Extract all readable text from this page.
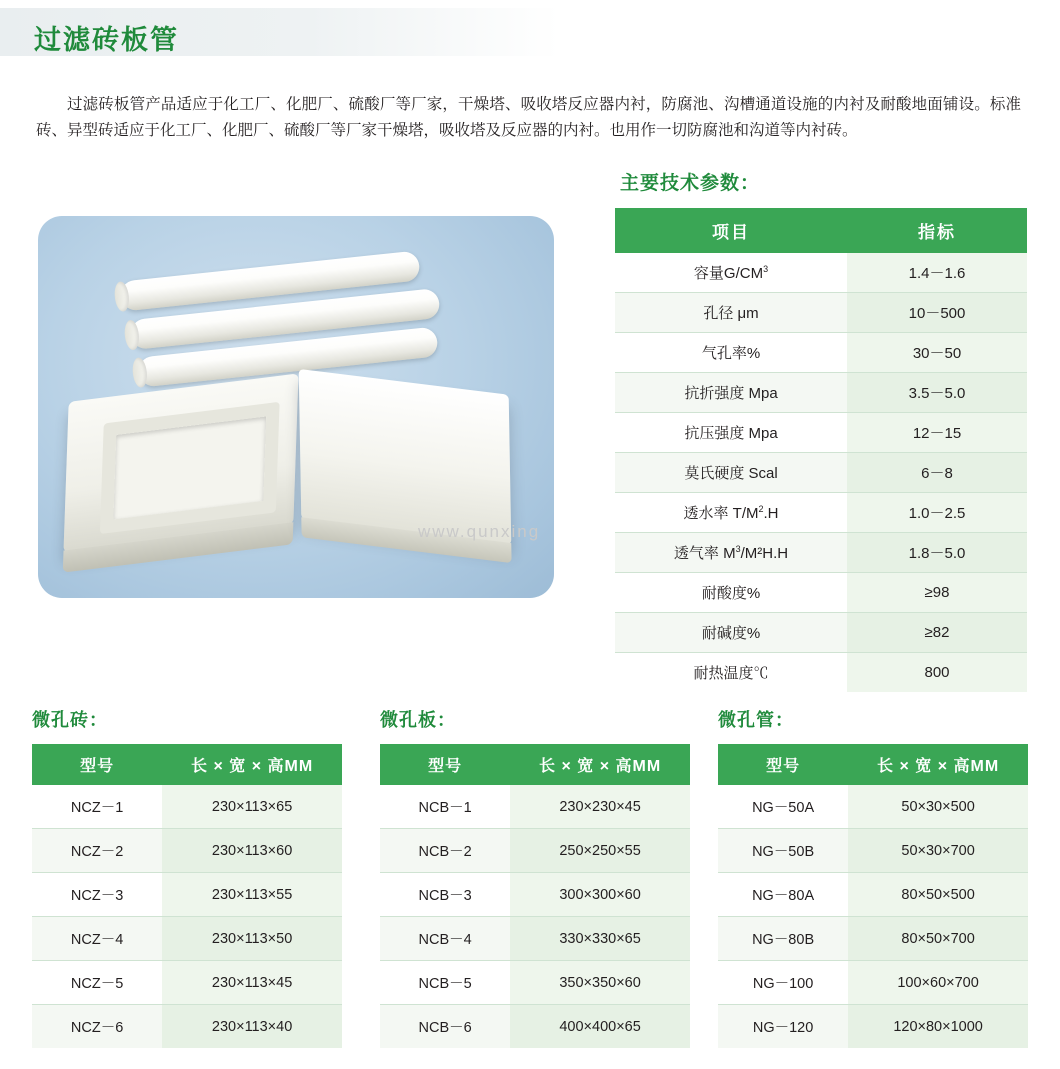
过滤砖板管

过滤砖板管产品适应于化工厂、化肥厂、硫酸厂等厂家，干燥塔、吸收塔反应器内衬，防腐池、沟槽通道设施的内衬及耐酸地面铺设。标准砖、异型砖适应于化工厂、化肥厂、硫酸厂等厂家干燥塔，吸收塔及反应器的内衬。也用作一切防腐池和沟道等内衬砖。

主要技术参数：
项目	指标
容量$G/CM^3$	1.4－1.6
孔径 μm	10－500
气孔率%	30－50
抗折强度 Mpa	3.5－5.0
抗压强度 Mpa	12－15
莫氏硬度 Scal	6－8
透水率 $T/M^2.H$	1.0－2.5
透气率 $M^3/M^2H.H$	1.8－5.0
耐酸度%	≥98
耐碱度%	≥82
耐热温度℃	800
www.qunxing
微孔砖：
型号	长 × 宽 × 高MM
NCZ－1	230×113×65
NCZ－2	230×113×60
NCZ－3	230×113×55
NCZ－4	230×113×50
NCZ－5	230×113×45
NCZ－6	230×113×40
微孔板：
型号	长 × 宽 × 高MM
NCB－1	230×230×45
NCB－2	250×250×55
NCB－3	300×300×60
NCB－4	330×330×65
NCB－5	350×350×60
NCB－6	400×400×65
微孔管：
型号	长 × 宽 × 高MM
NG－50A	50×30×500
NG－50B	50×30×700
NG－80A	80×50×500
NG－80B	80×50×700
NG－100	100×60×700
NG－120	120×80×1000
